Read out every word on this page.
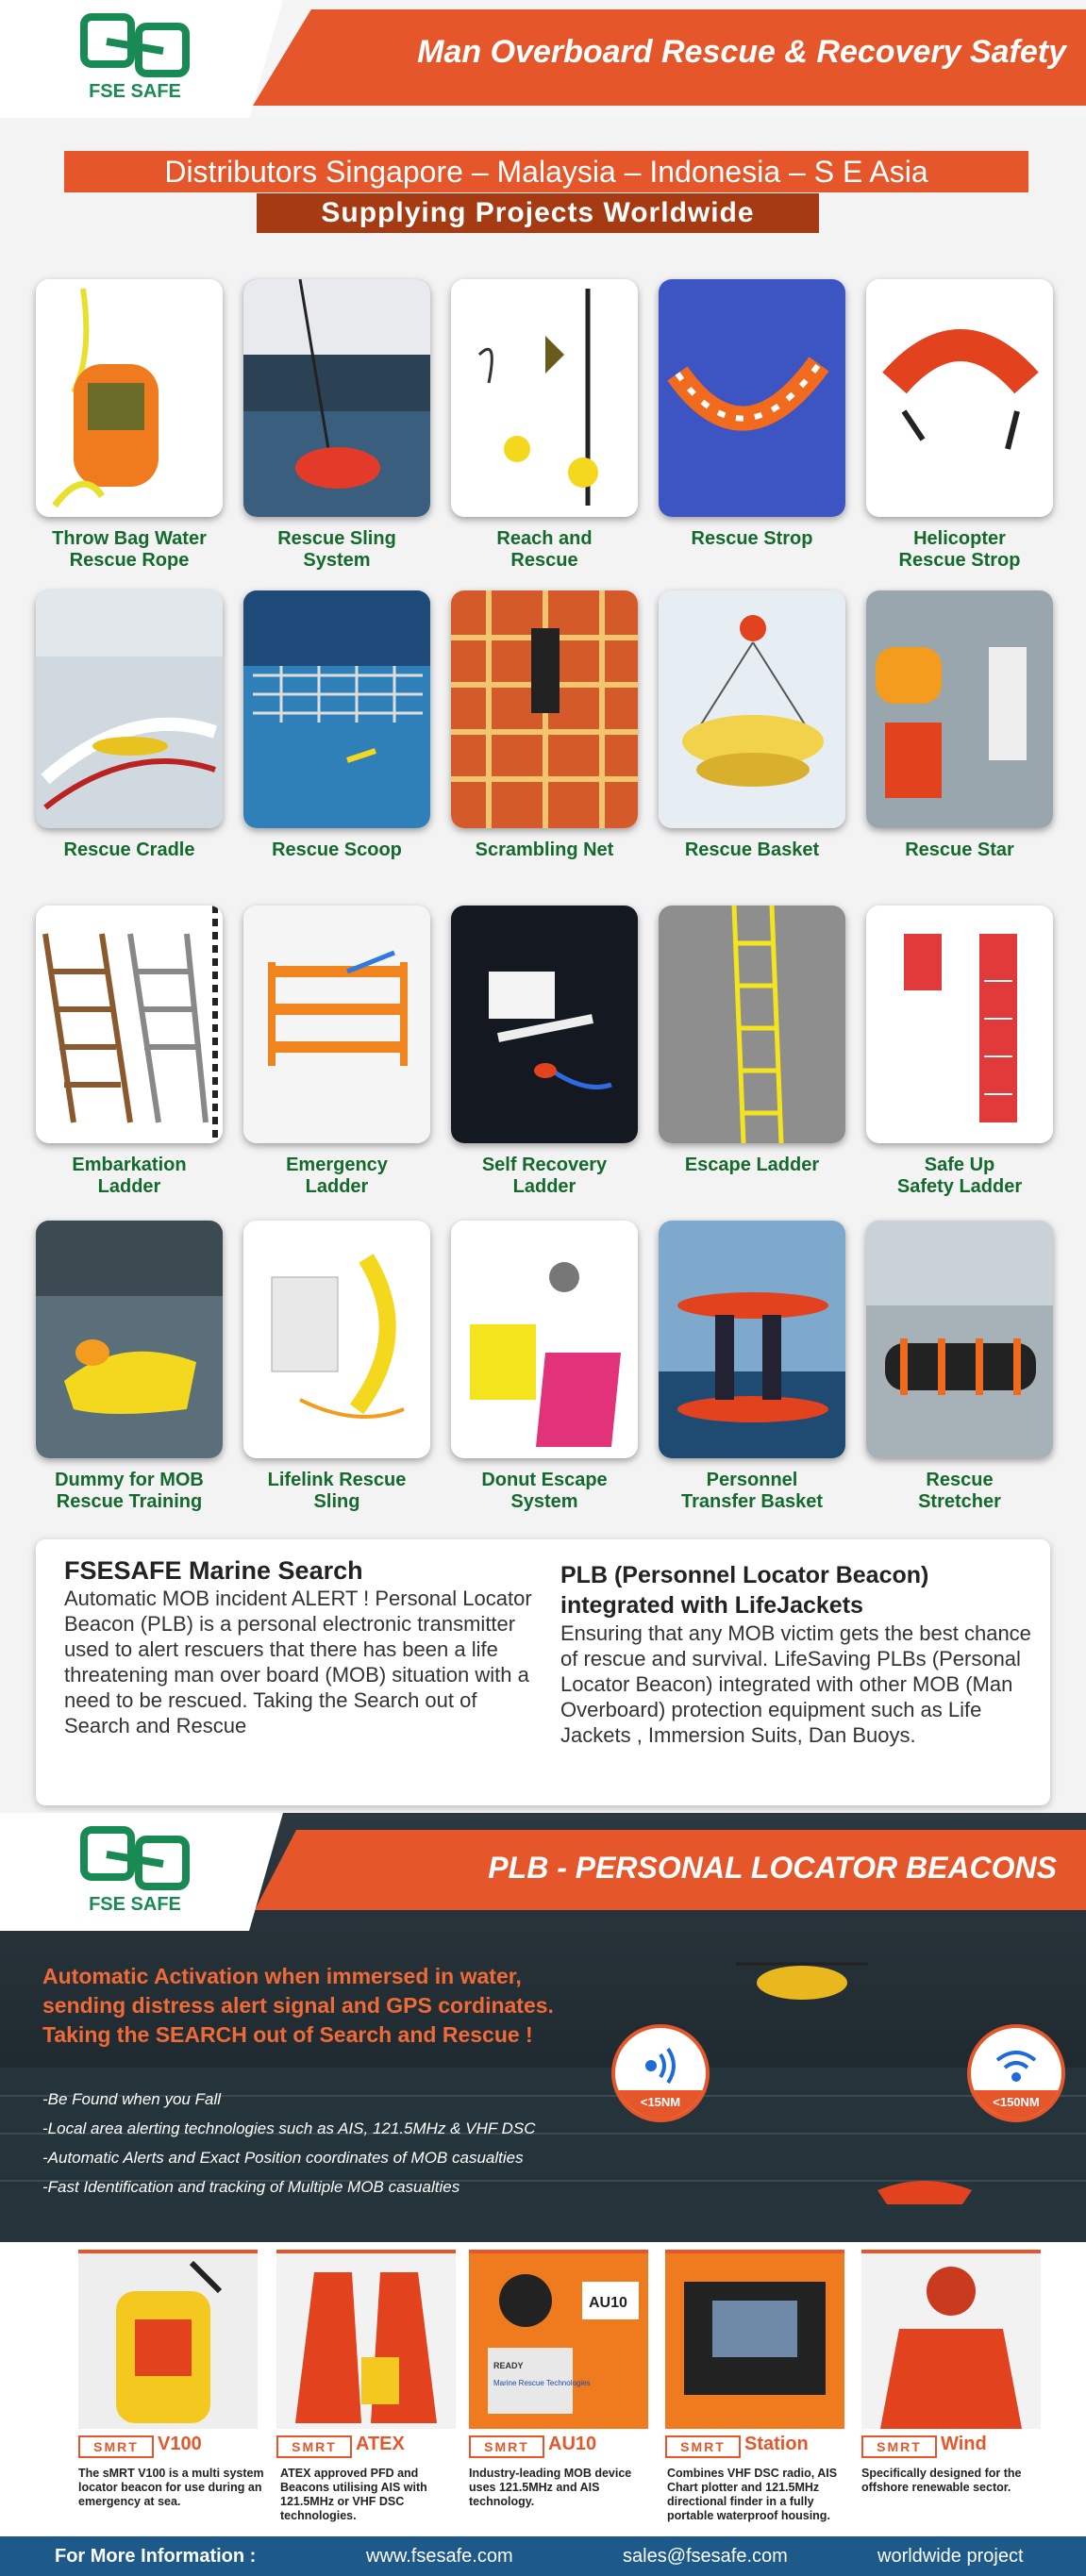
FSE SAFE
Man Overboard Rescue & Recovery Safety
Distributors Singapore – Malaysia – Indonesia – S E Asia
Supplying Projects Worldwide
Throw Bag Water
Rescue Rope
Rescue Sling
System
Reach and
Rescue
Rescue Strop	Helicopter
Rescue Strop
Rescue Cradle	Rescue Scoop	Scrambling Net	Rescue Basket	Rescue Star
Embarkation
Ladder
Emergency
Ladder
Self Recovery
Ladder
Escape Ladder	Safe Up
Safety Ladder
Dummy for MOB
Rescue Training
Lifelink Rescue
Sling
Donut Escape
System
Personnel
Transfer Basket
Rescue
Stretcher
FSESAFE Marine Search

Automatic MOB incident ALERT ! Personal Locator Beacon (PLB) is a personal electronic transmitter used to alert rescuers that there has been a life threatening man over board (MOB) situation with a need to be rescued. Taking the Search out of Search and Rescue

PLB (Personnel Locator Beacon) integrated with LifeJackets

Ensuring that any MOB victim gets the best chance of rescue and survival. LifeSaving PLBs (Personal Locator Beacon) integrated with other MOB (Man Overboard) protection equipment such as Life Jackets , Immersion Suits, Dan Buoys.

PLB - PERSONAL LOCATOR BEACONS
FSE SAFE
Automatic Activation when immersed in water,
sending distress alert signal and GPS cordinates.
Taking the SEARCH out of Search and Rescue !
-Be Found when you Fall
-Local area alerting technologies such as AIS, 121.5MHz & VHF DSC
-Automatic Alerts and Exact Position coordinates of MOB casualties
-Fast Identification and tracking of Multiple MOB casualties
<15NM	<150NM
AU10
READY
Marine Rescue Technologies
SMRT	V100	SMRT	ATEX	SMRT	AU10	SMRT	Station	SMRT	Wind
The sMRT V100 is a multi system locator beacon for use during an emergency at sea.
ATEX approved PFD and Beacons utilising AIS with 121.5MHz or VHF DSC technologies.
Industry-leading MOB device uses 121.5MHz and AIS technology.
Combines VHF DSC radio, AIS Chart plotter and 121.5MHz directional finder in a fully portable waterproof housing.
Specifically designed for the offshore renewable sector.
For More Information :	www.fsesafe.com	sales@fsesafe.com	worldwide project
